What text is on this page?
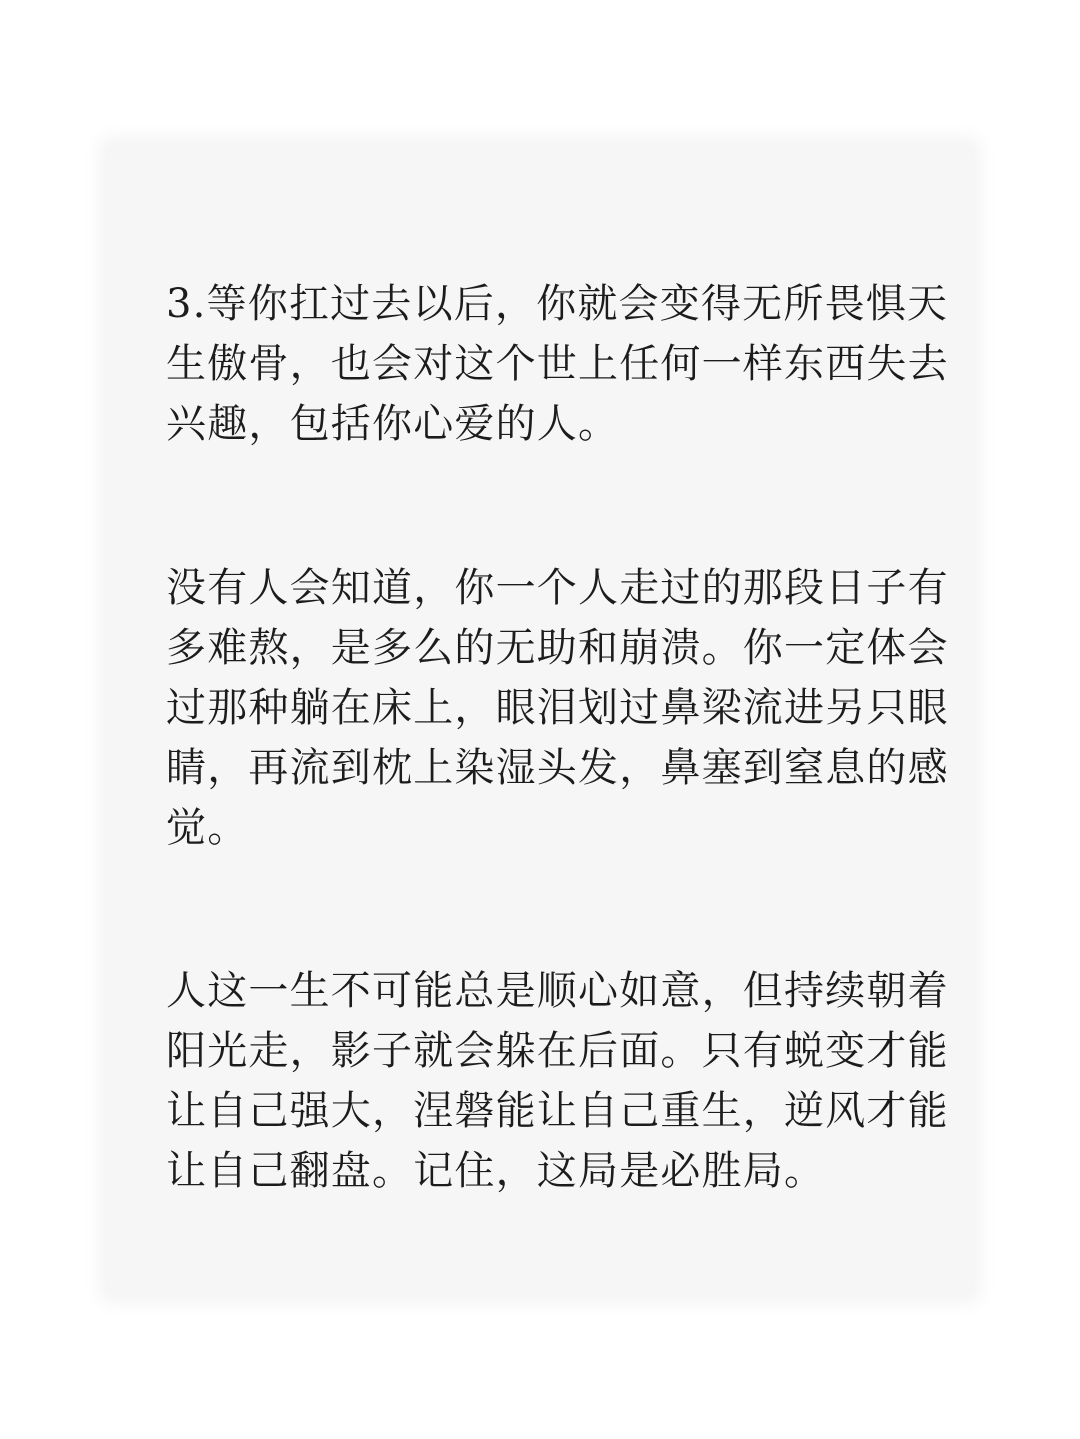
3.等你扛过去以后，你就会变得无所畏惧天
生傲骨，也会对这个世上任何一样东西失去
兴趣，包括你心爱的人。

没有人会知道，你一个人走过的那段日子有
多难熬，是多么的无助和崩溃。你一定体会
过那种躺在床上，眼泪划过鼻梁流进另只眼
睛，再流到枕上染湿头发，鼻塞到窒息的感
觉。

人这一生不可能总是顺心如意，但持续朝着
阳光走，影子就会躲在后面。只有蜕变才能
让自己强大，涅磐能让自己重生，逆风才能
让自己翻盘。记住，这局是必胜局。
